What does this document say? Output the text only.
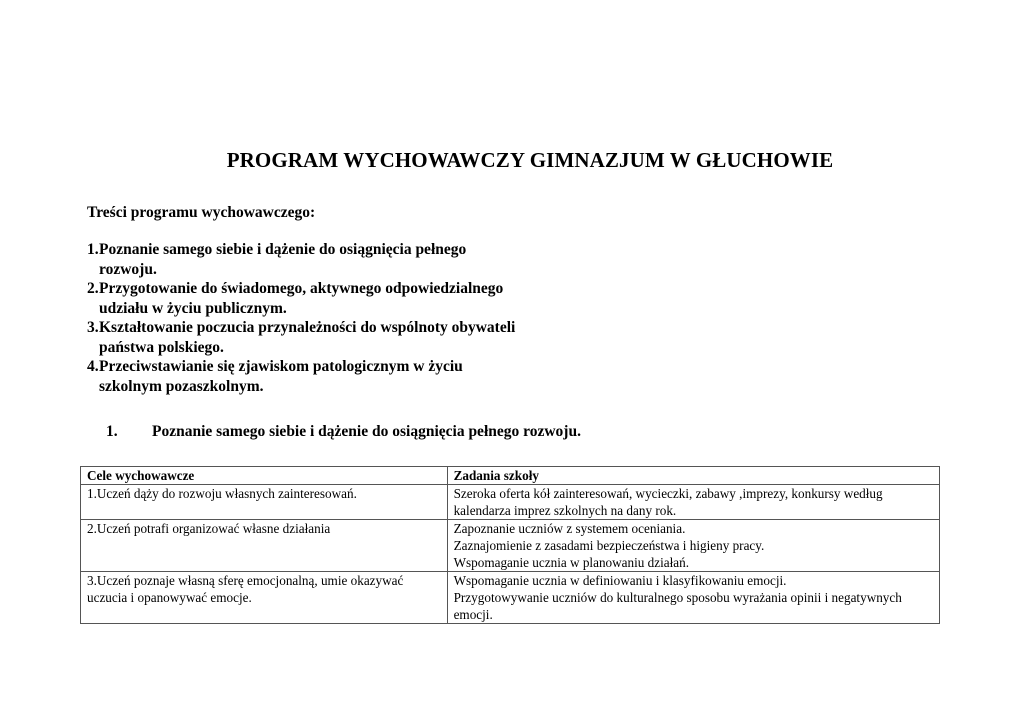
PROGRAM WYCHOWAWCZY GIMNAZJUM W GŁUCHOWIE

Treści programu wychowawczego:

1. Poznanie samego siebie i dążenie do osiągnięcia pełnego rozwoju.
2. Przygotowanie do świadomego, aktywnego odpowiedzialnego udziału w życiu publicznym.
3. Kształtowanie poczucia przynależności do wspólnoty obywateli państwa polskiego.
4. Przeciwstawianie się zjawiskom patologicznym w życiu szkolnym pozaszkolnym.

1.	Poznanie samego siebie i dążenie do osiągnięcia pełnego rozwoju.

Cele wychowawcze	Zadania szkoły
1.Uczeń dąży do rozwoju własnych zainteresowań.	Szeroka oferta kół zainteresowań, wycieczki, zabawy ,imprezy, konkursy według kalendarza imprez szkolnych na dany rok.

2.Uczeń potrafi organizować własne działania	Zapoznanie uczniów z systemem oceniania.
Zaznajomienie z zasadami bezpieczeństwa i higieny pracy.
Wspomaganie ucznia w planowaniu działań.

3.Uczeń poznaje własną sferę emocjonalną, umie okazywać uczucia i opanowywać emocje.	Wspomaganie ucznia w definiowaniu i klasyfikowaniu emocji.
Przygotowywanie uczniów do kulturalnego sposobu wyrażania opinii i negatywnych emocji.
